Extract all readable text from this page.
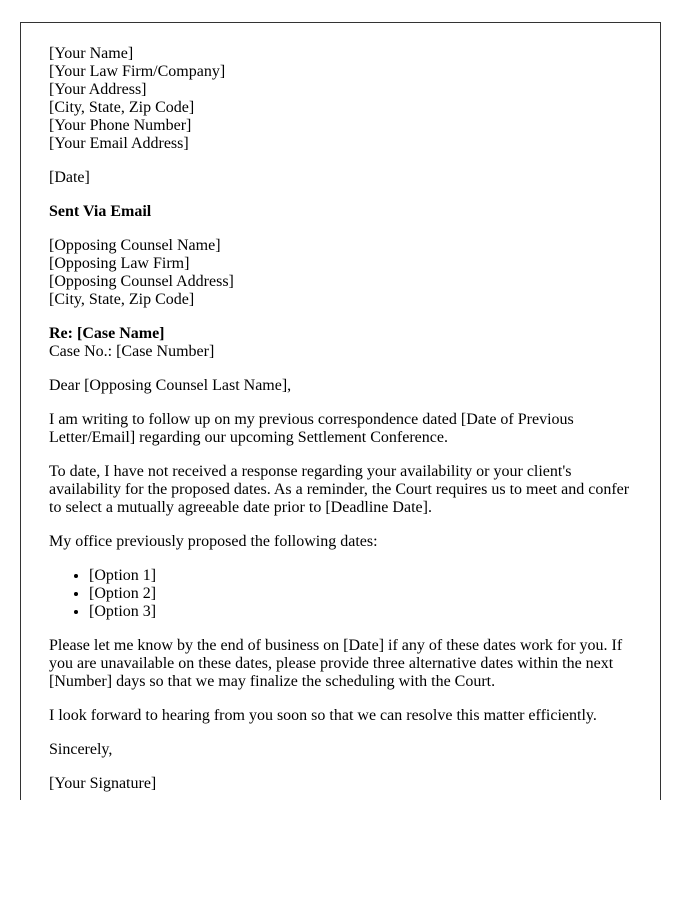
[Your Name]
[Your Law Firm/Company]
[Your Address]
[City, State, Zip Code]
[Your Phone Number]
[Your Email Address]
[Date]
Sent Via Email
[Opposing Counsel Name]
[Opposing Law Firm]
[Opposing Counsel Address]
[City, State, Zip Code]
Re: [Case Name]
Case No.: [Case Number]
Dear [Opposing Counsel Last Name],
I am writing to follow up on my previous correspondence dated [Date of Previous Letter/Email] regarding our upcoming Settlement Conference.
To date, I have not received a response regarding your availability or your client's availability for the proposed dates. As a reminder, the Court requires us to meet and confer to select a mutually agreeable date prior to [Deadline Date].
My office previously proposed the following dates:
• [Option 1]
• [Option 2]
• [Option 3]
Please let me know by the end of business on [Date] if any of these dates work for you. If you are unavailable on these dates, please provide three alternative dates within the next [Number] days so that we may finalize the scheduling with the Court.
I look forward to hearing from you soon so that we can resolve this matter efficiently.
Sincerely,
[Your Signature]
